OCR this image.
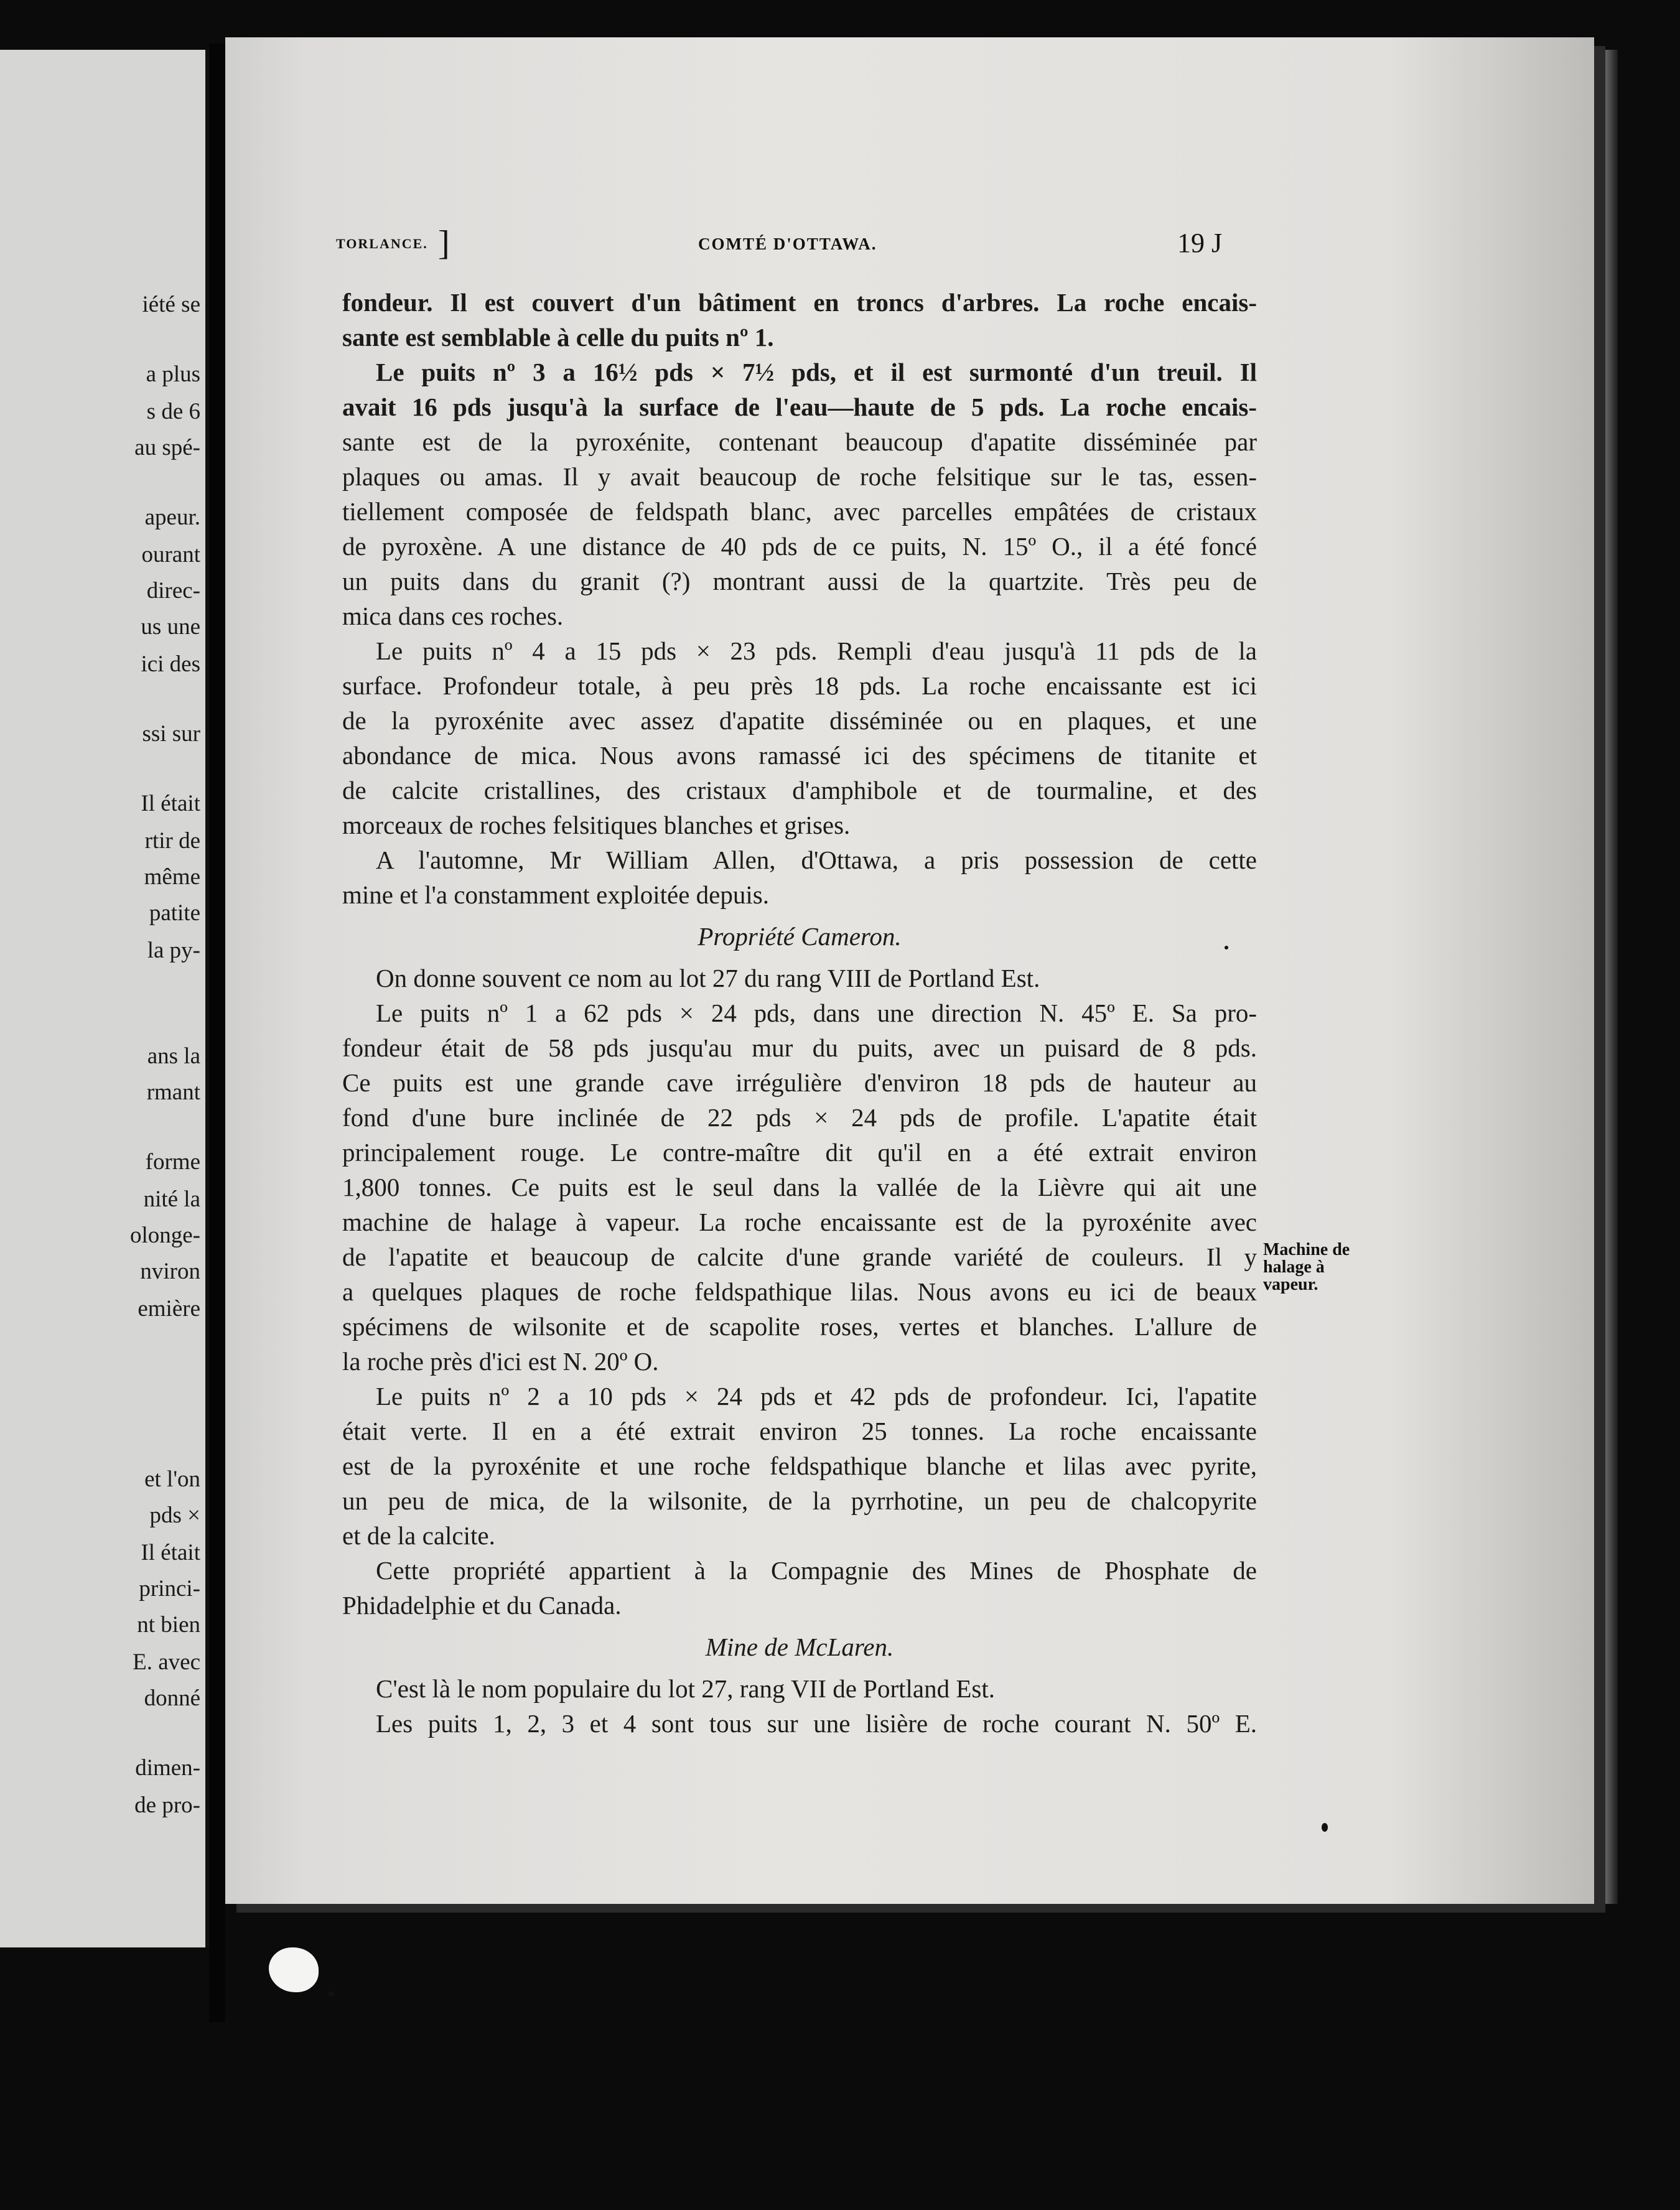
iété se
a plus
s de 6
au spé-
apeur.
ourant
direc-
us une
ici des
ssi sur
Il était
rtir de
même
patite
la py-
ans la
rmant
forme
nité la
olonge-
nviron
emière
et l'on
pds ×
Il était
princi-
nt bien
E. avec
donné
dimen-
de pro-
TORLANCE. ]	COMTÉ D'OTTAWA.	19 J
fondeur. Il est couvert d'un bâtiment en troncs d'arbres. La roche encais-
sante est semblable à celle du puits nº 1.
Le puits nº 3 a 16½ pds × 7½ pds, et il est surmonté d'un treuil. Il
avait 16 pds jusqu'à la surface de l'eau—haute de 5 pds. La roche encais-
sante est de la pyroxénite, contenant beaucoup d'apatite disséminée par
plaques ou amas. Il y avait beaucoup de roche felsitique sur le tas, essen-
tiellement composée de feldspath blanc, avec parcelles empâtées de cristaux
de pyroxène. A une distance de 40 pds de ce puits, N. 15º O., il a été foncé
un puits dans du granit (?) montrant aussi de la quartzite. Très peu de
mica dans ces roches.
Le puits nº 4 a 15 pds × 23 pds. Rempli d'eau jusqu'à 11 pds de la
surface. Profondeur totale, à peu près 18 pds. La roche encaissante est ici
de la pyroxénite avec assez d'apatite disséminée ou en plaques, et une
abondance de mica. Nous avons ramassé ici des spécimens de titanite et
de calcite cristallines, des cristaux d'amphibole et de tourmaline, et des
morceaux de roches felsitiques blanches et grises.
A l'automne, Mr William Allen, d'Ottawa, a pris possession de cette
mine et l'a constamment exploitée depuis.
Propriété Cameron.
On donne souvent ce nom au lot 27 du rang VIII de Portland Est.
Le puits nº 1 a 62 pds × 24 pds, dans une direction N. 45º E. Sa pro-
fondeur était de 58 pds jusqu'au mur du puits, avec un puisard de 8 pds.
Ce puits est une grande cave irrégulière d'environ 18 pds de hauteur au
fond d'une bure inclinée de 22 pds × 24 pds de profile. L'apatite était
principalement rouge. Le contre-maître dit qu'il en a été extrait environ
1,800 tonnes. Ce puits est le seul dans la vallée de la Lièvre qui ait une
machine de halage à vapeur. La roche encaissante est de la pyroxénite avec
de l'apatite et beaucoup de calcite d'une grande variété de couleurs. Il y
a quelques plaques de roche feldspathique lilas. Nous avons eu ici de beaux
spécimens de wilsonite et de scapolite roses, vertes et blanches. L'allure de
la roche près d'ici est N. 20º O.
Le puits nº 2 a 10 pds × 24 pds et 42 pds de profondeur. Ici, l'apatite
était verte. Il en a été extrait environ 25 tonnes. La roche encaissante
est de la pyroxénite et une roche feldspathique blanche et lilas avec pyrite,
un peu de mica, de la wilsonite, de la pyrrhotine, un peu de chalcopyrite
et de la calcite.
Cette propriété appartient à la Compagnie des Mines de Phosphate de
Phidadelphie et du Canada.
Mine de McLaren.
C'est là le nom populaire du lot 27, rang VII de Portland Est.
Les puits 1, 2, 3 et 4 sont tous sur une lisière de roche courant N. 50º E.
Machine de
halage à
vapeur.
